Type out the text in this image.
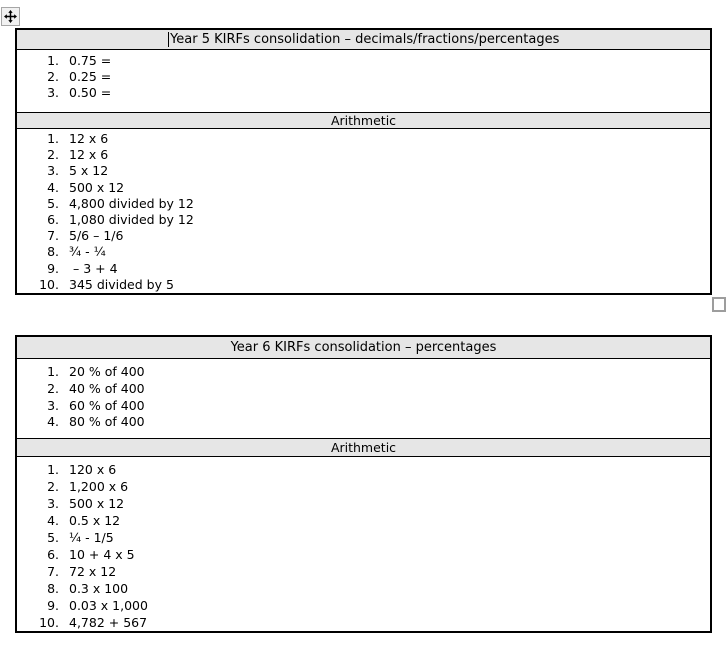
Year 5 KIRFs consolidation – decimals/fractions/percentages
1. 0.75 =
2. 0.25 =
3. 0.50 =
Arithmetic
1. 12 x 6
2. 12 x 6
3. 5 x 12
4. 500 x 12
5. 4,800 divided by 12
6. 1,080 divided by 12
7. 5/6 – 1/6
8. ¾ - ¼
9. – 3 + 4
10. 345 divided by 5
Year 6 KIRFs consolidation – percentages
1. 20 % of 400
2. 40 % of 400
3. 60 % of 400
4. 80 % of 400
Arithmetic
1. 120 x 6
2. 1,200 x 6
3. 500 x 12
4. 0.5 x 12
5. ¼ - 1/5
6. 10 + 4 x 5
7. 72 x 12
8. 0.3 x 100
9. 0.03 x 1,000
10. 4,782 + 567
